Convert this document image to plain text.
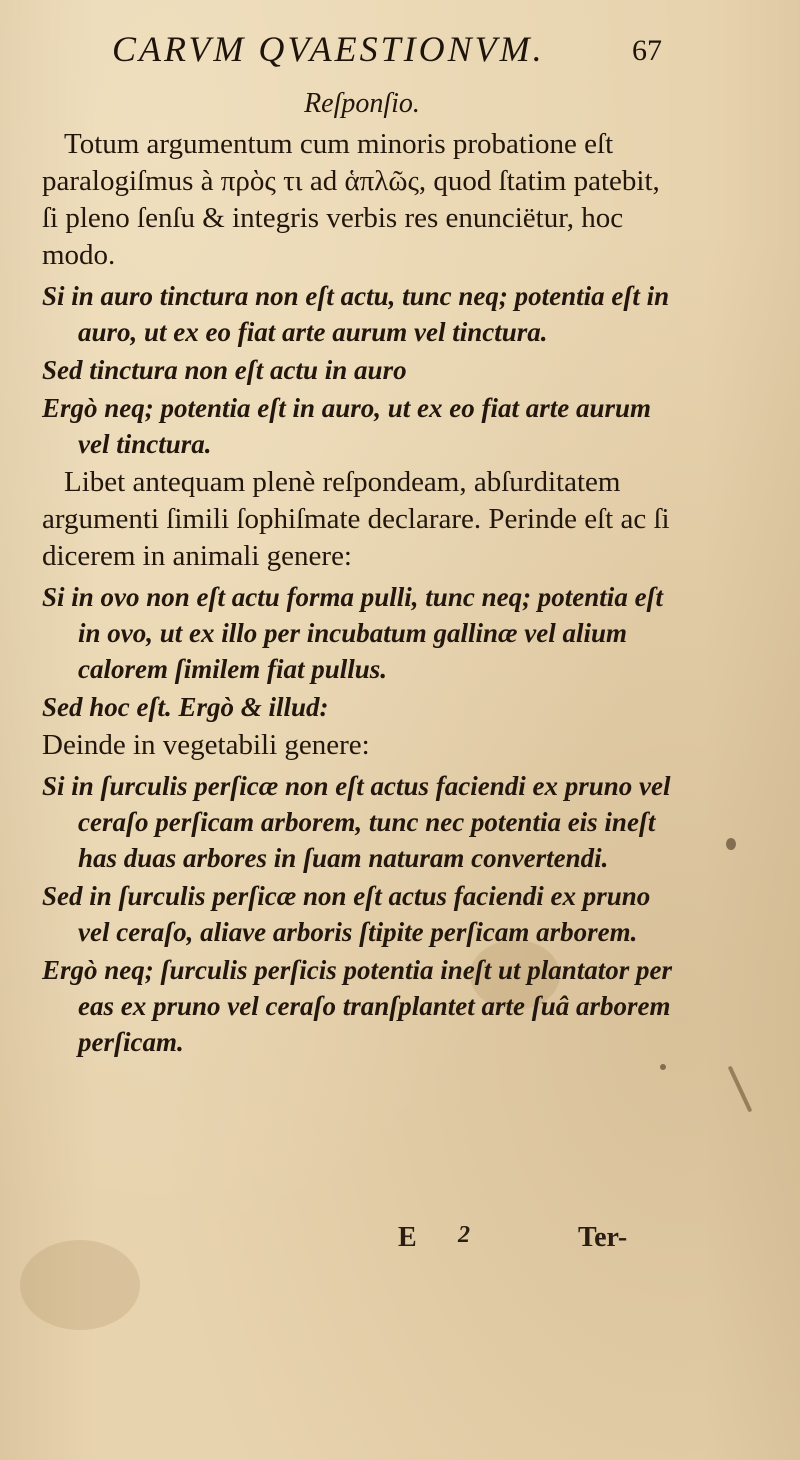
CARVM QVAESTIONVM.	67

Reſponſio.

Totum argumentum cum minoris probatione eſt paralogiſmus à πρὸς τι ad ἁπλῶς, quod ſtatim patebit, ſi pleno ſenſu & integris verbis res enunciëtur, hoc modo.

Si in auro tinctura non eſt actu, tunc neq; potentia eſt in auro, ut ex eo fiat arte aurum vel tinctura.

Sed tinctura non eſt actu in auro

Ergò neq; potentia eſt in auro, ut ex eo fiat arte aurum vel tinctura.

Libet antequam plenè reſpondeam, abſurditatem argumenti ſimili ſophiſmate declarare. Perinde eſt ac ſi dicerem in animali genere:

Si in ovo non eſt actu forma pulli, tunc neq; potentia eſt in ovo, ut ex illo per incubatum gallinæ vel alium calorem ſimilem fiat pullus.

Sed hoc eſt. Ergò & illud:

Deinde in vegetabili genere:

Si in ſurculis perſicæ non eſt actus faciendi ex pruno vel ceraſo perſicam arborem, tunc nec potentia eis ineſt has duas arbores in ſuam naturam convertendi.

Sed in ſurculis perſicæ non eſt actus faciendi ex pruno vel ceraſo, aliave arboris ſtipite perſicam arborem.

Ergò neq; ſurculis perſicis potentia ineſt ut plantator per eas ex pruno vel ceraſo tranſplantet arte ſuâ arborem perſicam.

E 2	Ter-
